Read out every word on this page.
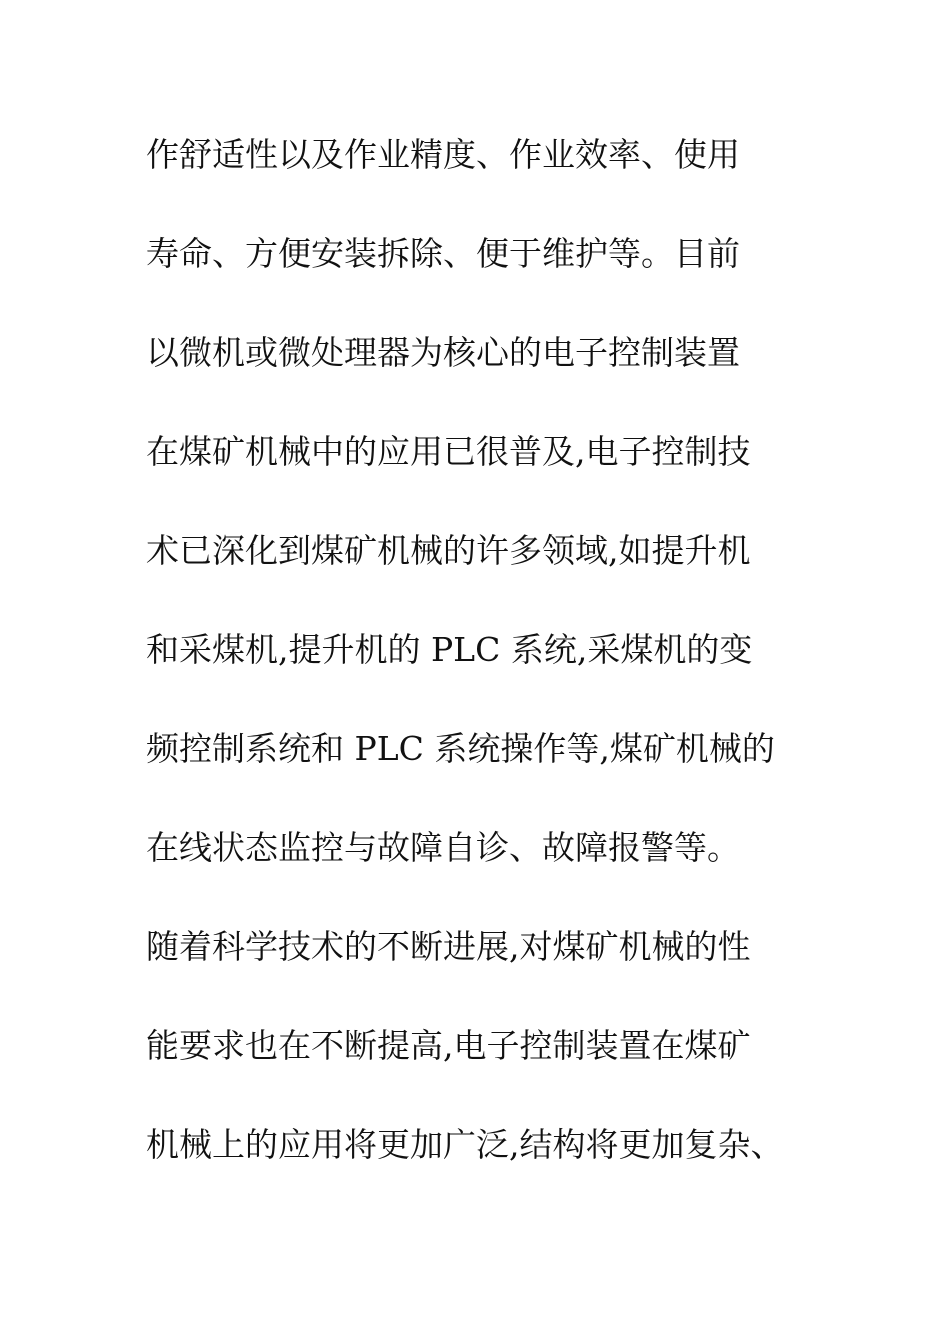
作舒适性以及作业精度、作业效率、使用
寿命、方便安装拆除、便于维护等。目前
以微机或微处理器为核心的电子控制装置
在煤矿机械中的应用已很普及,电子控制技
术已深化到煤矿机械的许多领域,如提升机
和采煤机,提升机的 PLC 系统,采煤机的变
频控制系统和 PLC 系统操作等,煤矿机械的
在线状态监控与故障自诊、故障报警等。
随着科学技术的不断进展,对煤矿机械的性
能要求也在不断提高,电子控制装置在煤矿
机械上的应用将更加广泛,结构将更加复杂、
